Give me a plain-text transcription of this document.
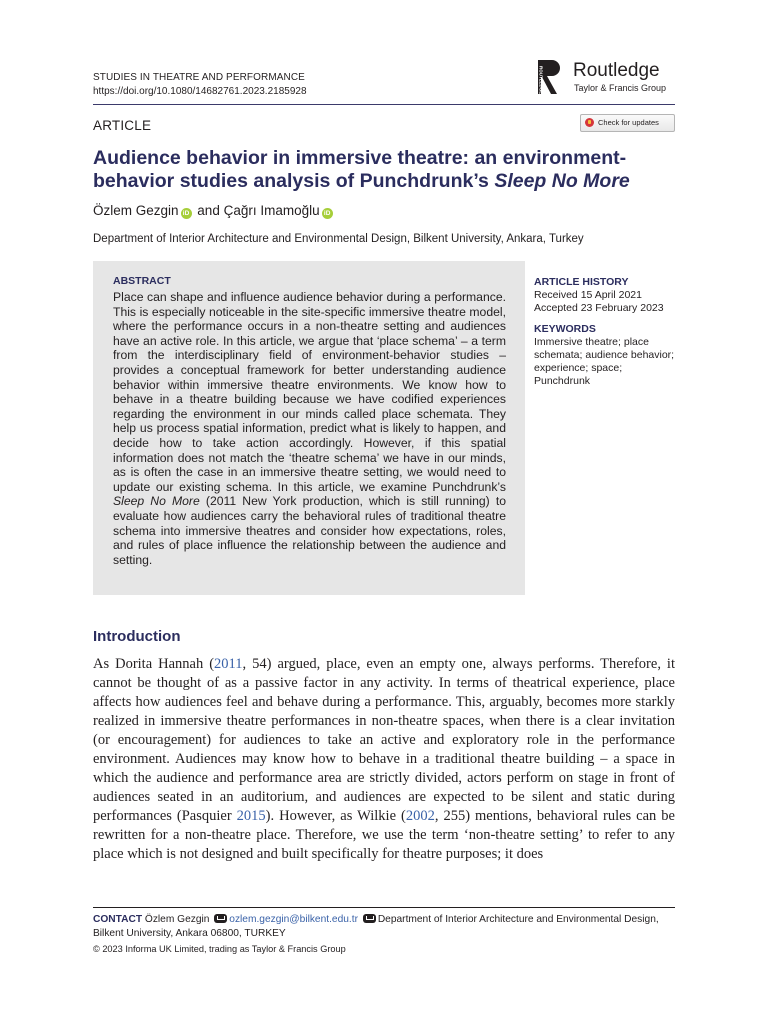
STUDIES IN THEATRE AND PERFORMANCE
https://doi.org/10.1080/14682761.2023.2185928	ROUTLEDGE Routledge
Taylor & Francis Group
ARTICLE	Check for updates
Audience behavior in immersive theatre: an environment-behavior studies analysis of Punchdrunk’s Sleep No More
Özlem Gezgin iD and Çağrı Imamoğlu iD
Department of Interior Architecture and Environmental Design, Bilkent University, Ankara, Turkey
ABSTRACT

Place can shape and influence audience behavior during a performance. This is especially noticeable in the site-specific immersive theatre model, where the performance occurs in a non-theatre setting and audiences have an active role. In this article, we argue that ‘place schema’ – a term from the interdisciplinary field of environment-behavior studies – provides a conceptual framework for better understanding audience behavior within immersive theatre environments. We know how to behave in a theatre building because we have codified experiences regarding the environment in our minds called place schemata. They help us process spatial information, predict what is likely to happen, and decide how to take action accordingly. However, if this spatial information does not match the ‘theatre schema’ we have in our minds, as is often the case in an immersive theatre setting, we would need to update our existing schema. In this article, we examine Punchdrunk’s Sleep No More (2011 New York production, which is still running) to evaluate how audiences carry the behavioral rules of traditional theatre schema into immersive theatres and consider how expectations, roles, and rules of place influence the relationship between the audience and setting.

ARTICLE HISTORY
Received 15 April 2021
Accepted 23 February 2023
KEYWORDS
Immersive theatre; place schemata; audience behavior; experience; space; Punchdrunk
Introduction

As Dorita Hannah (2011, 54) argued, place, even an empty one, always performs. Therefore, it cannot be thought of as a passive factor in any activity. In terms of theatrical experience, place affects how audiences feel and behave during a performance. This, arguably, becomes more starkly realized in immersive theatre performances in non-theatre spaces, when there is a clear invitation (or encouragement) for audiences to take an active and exploratory role in the performance environment. Audiences may know how to behave in a traditional theatre building – a space in which the audience and performance area are strictly divided, actors perform on stage in front of audiences seated in an auditorium, and audiences are expected to be silent and static during performances (Pasquier 2015). However, as Wilkie (2002, 255) mentions, behavioral rules can be rewritten for a non-theatre place. Therefore, we use the term ‘non-theatre setting’ to refer to any place which is not designed and built specifically for theatre purposes; it does

CONTACT Özlem Gezgin ozlem.gezgin@bilkent.edu.tr Department of Interior Architecture and Environmental Design, Bilkent University, Ankara 06800, TURKEY
© 2023 Informa UK Limited, trading as Taylor & Francis Group
